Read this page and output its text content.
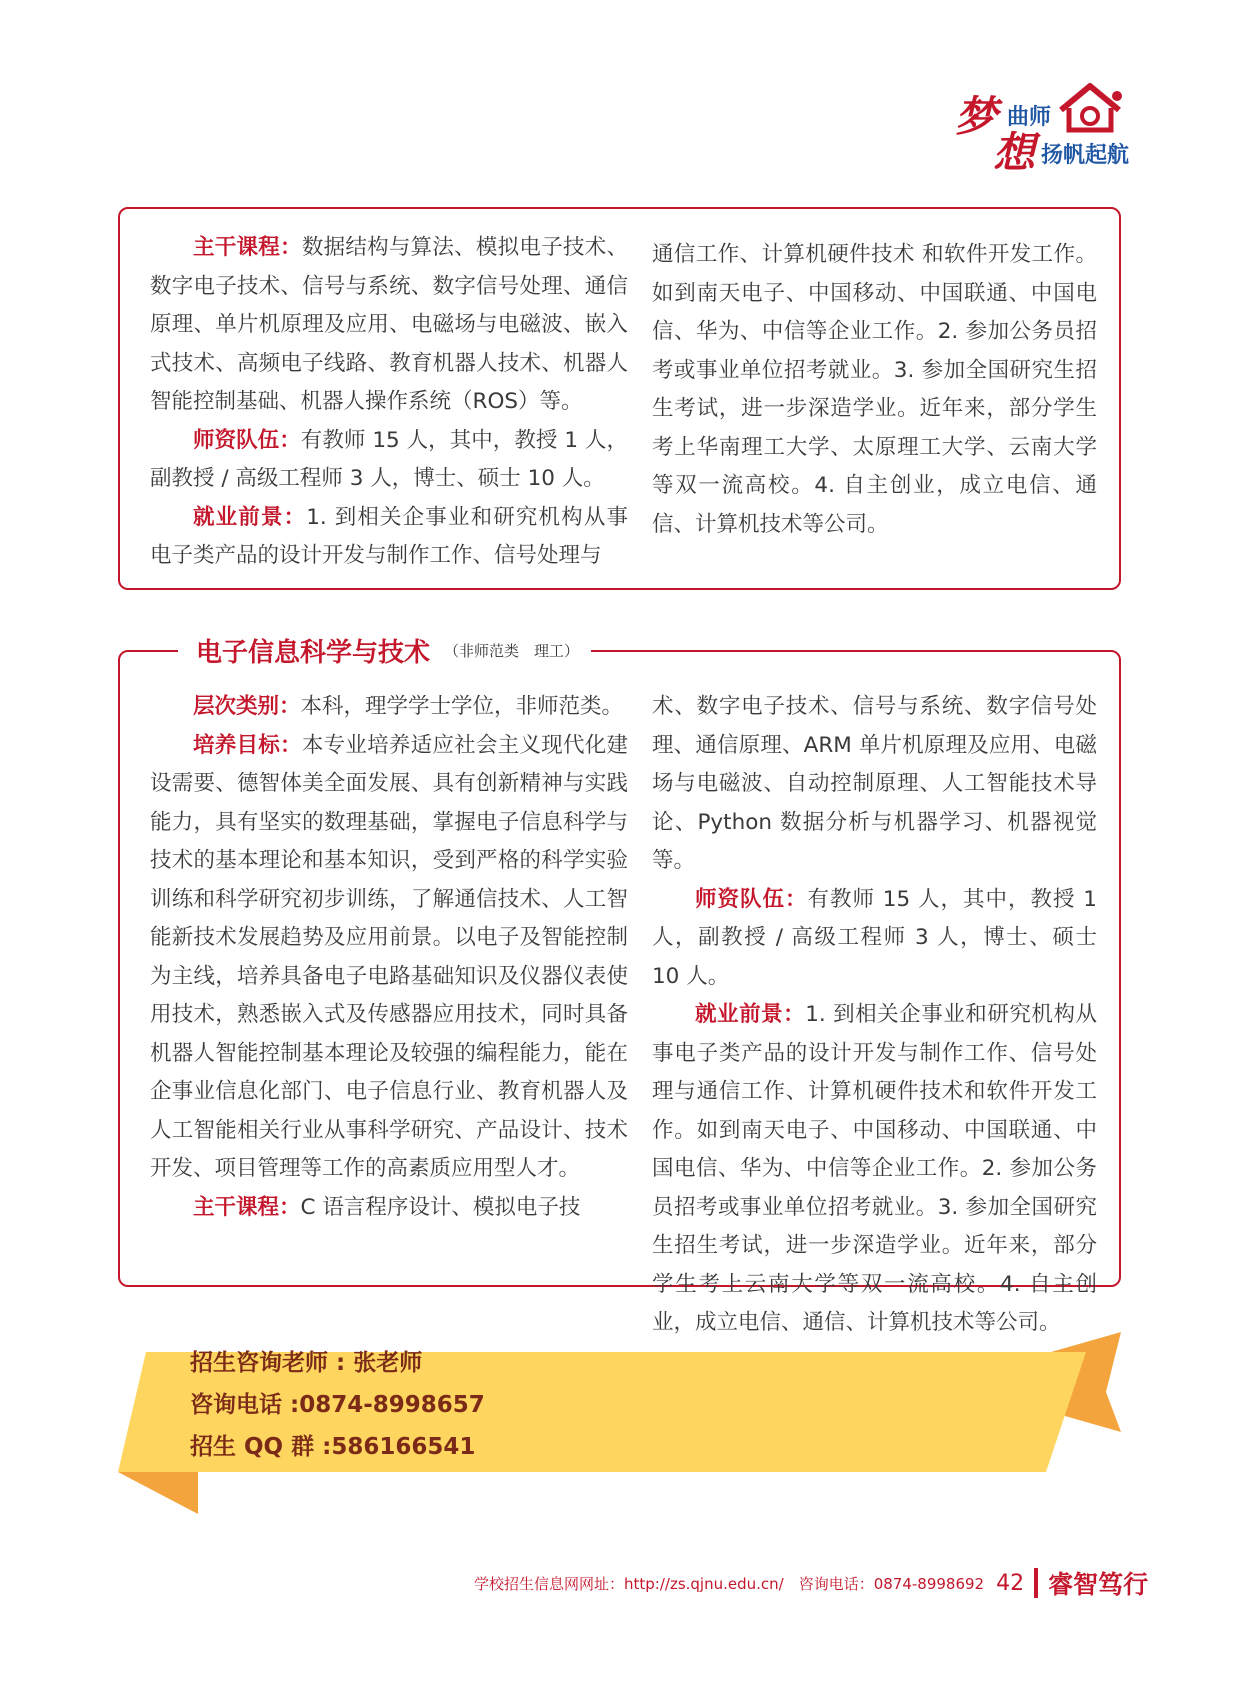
梦
想
曲师
扬帆起航

主干课程：数据结构与算法、模拟电子技术、数字电子技术、信号与系统、数字信号处理、通信原理、单片机原理及应用、电磁场与电磁波、嵌入式技术、高频电子线路、教育机器人技术、机器人智能控制基础、机器人操作系统（ROS）等。

师资队伍：有教师 15 人，其中，教授 1 人，副教授 / 高级工程师 3 人，博士、硕士 10 人。

就业前景：1. 到相关企事业和研究机构从事电子类产品的设计开发与制作工作、信号处理与

通信工作、计算机硬件技术 和软件开发工作。如到南天电子、中国移动、中国联通、中国电信、华为、中信等企业工作。2. 参加公务员招考或事业单位招考就业。3. 参加全国研究生招生考试，进一步深造学业。近年来，部分学生考上华南理工大学、太原理工大学、云南大学等双一流高校。4. 自主创业，成立电信、通信、计算机技术等公司。

电子信息科学与技术 （非师范类　理工）

层次类别：本科，理学学士学位，非师范类。

培养目标：本专业培养适应社会主义现代化建设需要、德智体美全面发展、具有创新精神与实践能力，具有坚实的数理基础，掌握电子信息科学与技术的基本理论和基本知识，受到严格的科学实验训练和科学研究初步训练，了解通信技术、人工智能新技术发展趋势及应用前景。以电子及智能控制为主线，培养具备电子电路基础知识及仪器仪表使用技术，熟悉嵌入式及传感器应用技术，同时具备机器人智能控制基本理论及较强的编程能力，能在企事业信息化部门、电子信息行业、教育机器人及人工智能相关行业从事科学研究、产品设计、技术开发、项目管理等工作的高素质应用型人才。

主干课程：C 语言程序设计、模拟电子技

术、数字电子技术、信号与系统、数字信号处理、通信原理、ARM 单片机原理及应用、电磁场与电磁波、自动控制原理、人工智能技术导论、Python 数据分析与机器学习、机器视觉等。

师资队伍：有教师 15 人，其中，教授 1 人，副教授 / 高级工程师 3 人，博士、硕士 10 人。

就业前景：1. 到相关企事业和研究机构从事电子类产品的设计开发与制作工作、信号处理与通信工作、计算机硬件技术和软件开发工作。如到南天电子、中国移动、中国联通、中国电信、华为、中信等企业工作。2. 参加公务员招考或事业单位招考就业。3. 参加全国研究生招生考试，进一步深造学业。近年来，部分学生考上云南大学等双一流高校。4. 自主创业，成立电信、通信、计算机技术等公司。

招生咨询老师 : 张老师
咨询电话 :0874-8998657
招生 QQ 群 :586166541
学校招生信息网网址：http://zs.qjnu.edu.cn/　咨询电话：0874-8998692 42 睿智笃行
